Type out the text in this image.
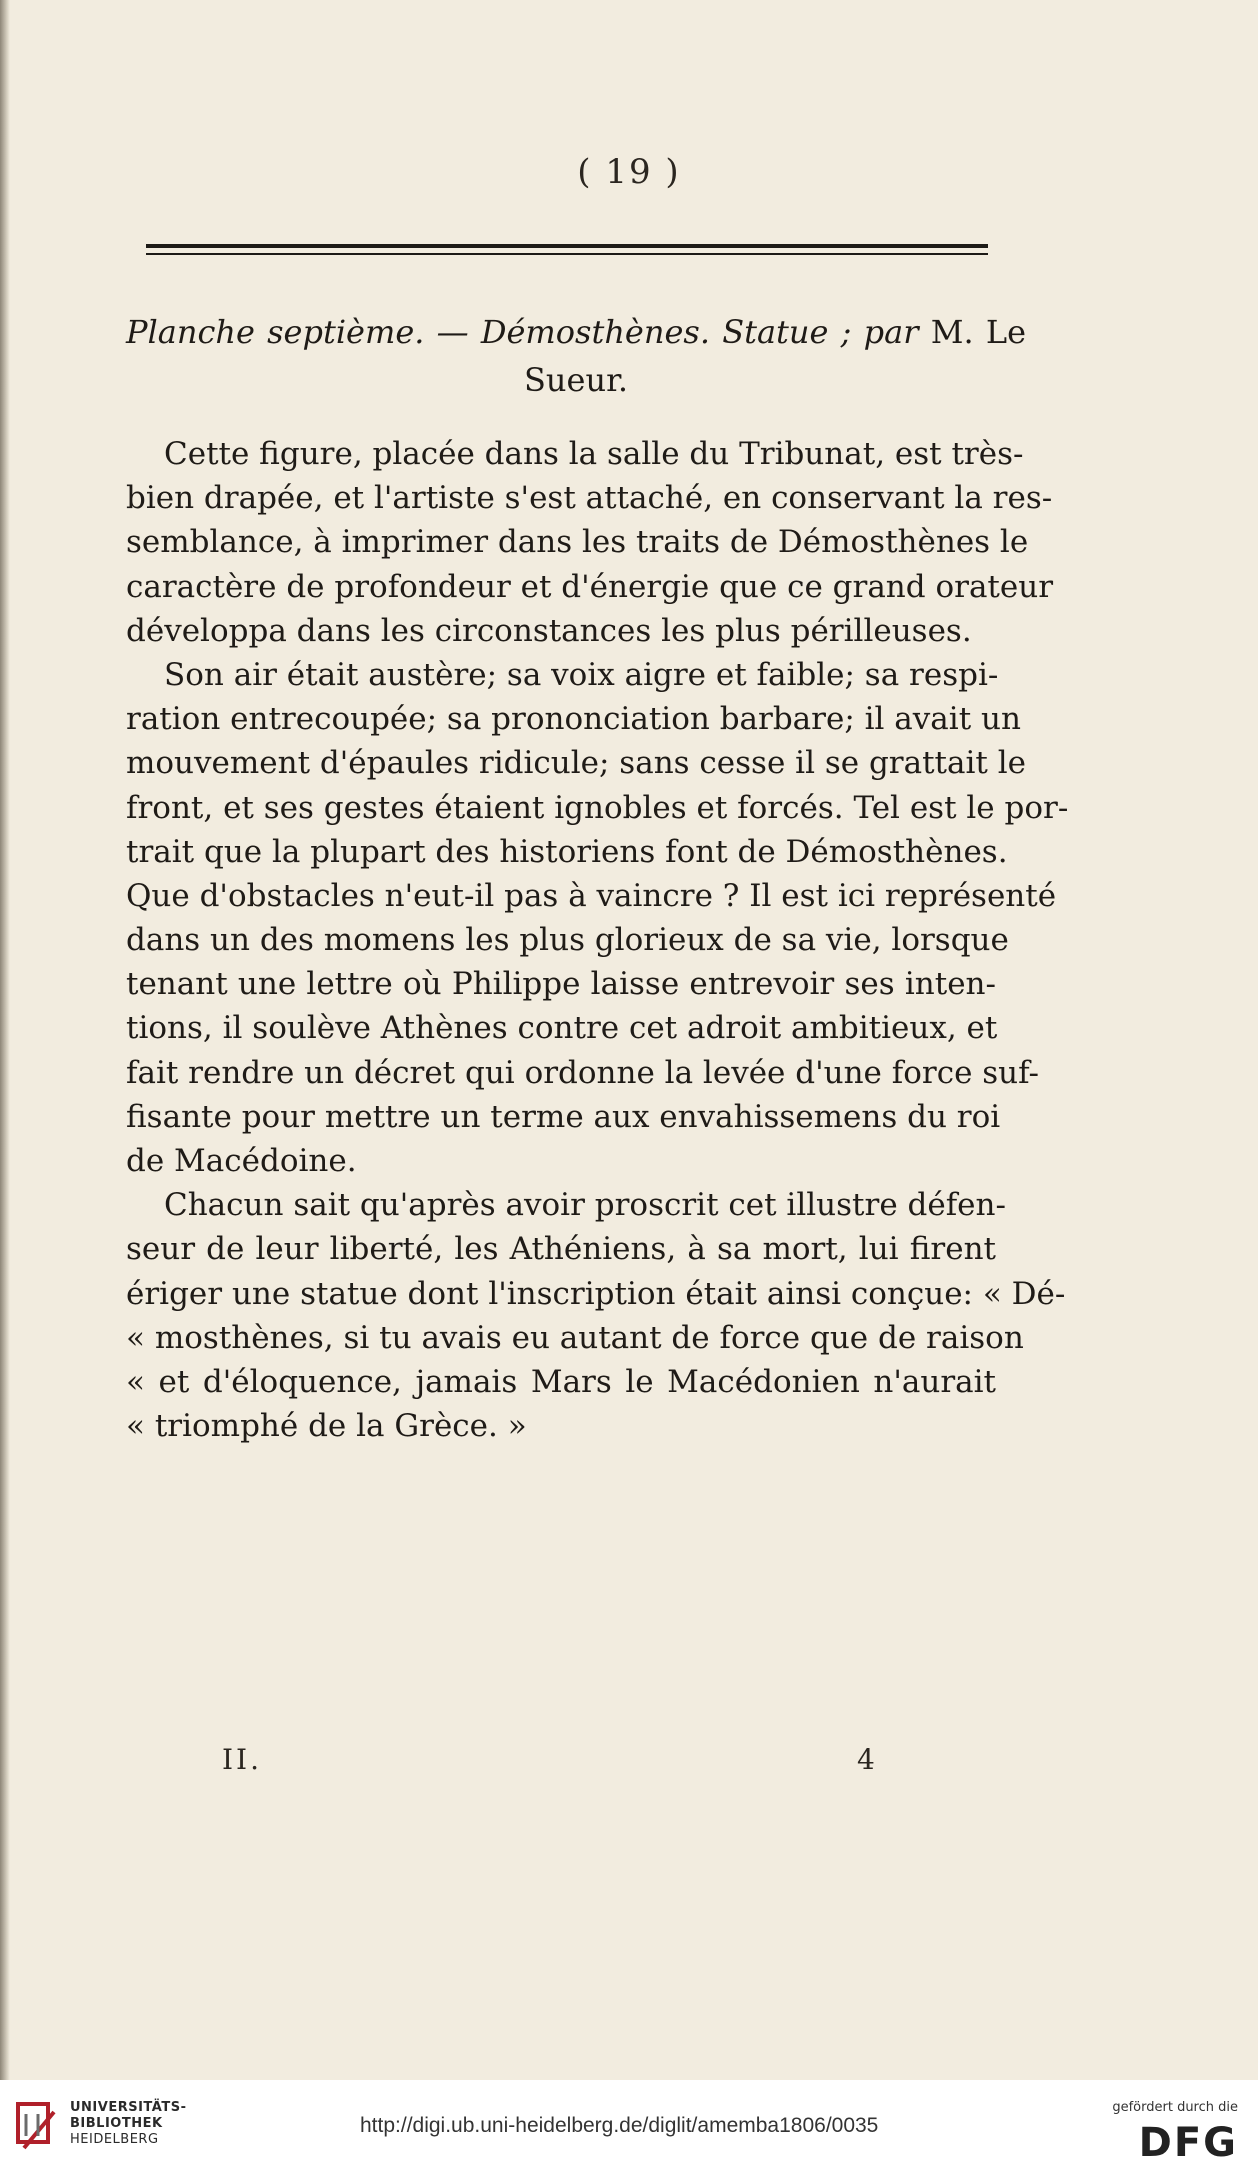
( 19 )
Planche septième. — Démosthènes. Statue ; par M. Le
Sueur.
Cette figure, placée dans la salle du Tribunat, est très-
bien drapée, et l'artiste s'est attaché, en conservant la res-
semblance, à imprimer dans les traits de Démosthènes le
caractère de profondeur et d'énergie que ce grand orateur
développa dans les circonstances les plus périlleuses.
Son air était austère; sa voix aigre et faible; sa respi-
ration entrecoupée; sa prononciation barbare; il avait un
mouvement d'épaules ridicule; sans cesse il se grattait le
front, et ses gestes étaient ignobles et forcés. Tel est le por-
trait que la plupart des historiens font de Démosthènes.
Que d'obstacles n'eut-il pas à vaincre ? Il est ici représenté
dans un des momens les plus glorieux de sa vie, lorsque
tenant une lettre où Philippe laisse entrevoir ses inten-
tions, il soulève Athènes contre cet adroit ambitieux, et
fait rendre un décret qui ordonne la levée d'une force suf-
fisante pour mettre un terme aux envahissemens du roi
de Macédoine.
Chacun sait qu'après avoir proscrit cet illustre défen-
seur de leur liberté, les Athéniens, à sa mort, lui firent
ériger une statue dont l'inscription était ainsi conçue: « Dé-
« mosthènes, si tu avais eu autant de force que de raison
« et d'éloquence, jamais Mars le Macédonien n'aurait
« triomphé de la Grèce. »
II.	4
UNIVERSITÄTS-
BIBLIOTHEK
HEIDELBERG
http://digi.ub.uni-heidelberg.de/diglit/amemba1806/0035
gefördert durch die
DFG
